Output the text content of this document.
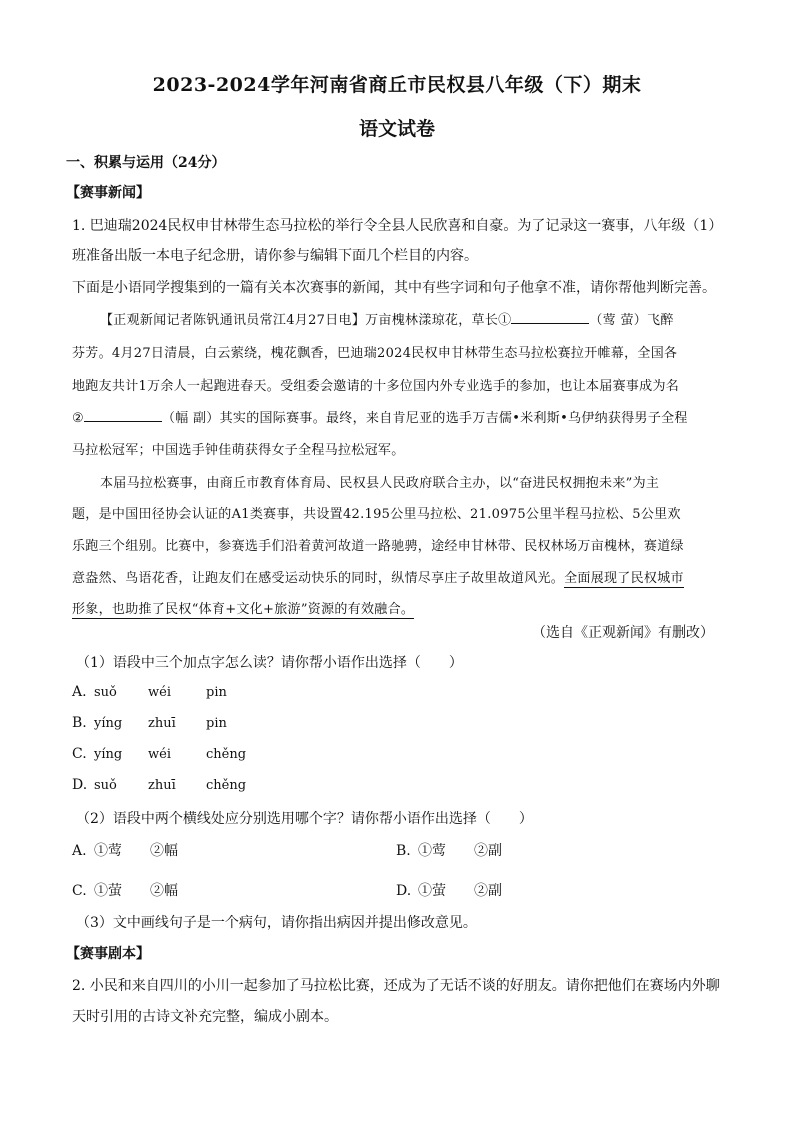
2023-2024学年河南省商丘市民权县八年级（下）期末
语文试卷
一、积累与运用（24分）
【赛事新闻】
1. 巴迪瑞2024民权申甘林带生态马拉松的举行令全县人民欣喜和自豪。为了记录这一赛事，八年级（1）
班准备出版一本电子纪念册，请你参与编辑下面几个栏目的内容。
下面是小语同学搜集到的一篇有关本次赛事的新闻，其中有些字词和句子他拿不准，请你帮他判断完善。
【正观新闻记者陈钒通讯员常江4月27日电】万亩槐林漾琼花，草长①	（莺 萤）飞醉
芬芳。4月27日清晨，白云萦绕，槐花飘香，巴迪瑞2024民权申甘林带生态马拉松赛拉开帷幕，全国各
地跑友共计1万余人一起跑进春天。受组委会邀请的十多位国内外专业选手的参加，也让本届赛事成为名
②	（幅 副）其实的国际赛事。最终，来自肯尼亚的选手万吉儒•米利斯•乌伊纳获得男子全程
马拉松冠军；中国选手钟佳萌获得女子全程马拉松冠军。
本届马拉松赛事，由商丘市教育体育局、民权县人民政府联合主办，以“奋进民权拥抱未来”为主
题，是中国田径协会认证的A1类赛事，共设置42.195公里马拉松、21.0975公里半程马拉松、5公里欢
乐跑三个组别。比赛中，参赛选手们沿着黄河故道一路驰骋，途经申甘林带、民权林场万亩槐林，赛道绿
意盎然、鸟语花香，让跑友们在感受运动快乐的同时，纵情尽享庄子故里故道风光。全面展现了民权城市
形象，也助推了民权“体育+文化+旅游”资源的有效融合。
（选自《正观新闻》有删改）
（1）语段中三个加点字怎么读？请你帮小语作出选择（　　）
A. suǒ wéi	pin
B. yíng zhuī pin
C. yíng wéi	chěng
D. suǒ zhuī chěng
（2）语段中两个横线处应分别选用哪个字？请你帮小语作出选择（　　）
A. ①莺　　②幅	B. ①莺　　②副
C. ①萤　　②幅	D. ①萤　　②副
（3）文中画线句子是一个病句，请你指出病因并提出修改意见。
【赛事剧本】
2. 小民和来自四川的小川一起参加了马拉松比赛，还成为了无话不谈的好朋友。请你把他们在赛场内外聊
天时引用的古诗文补充完整，编成小剧本。
